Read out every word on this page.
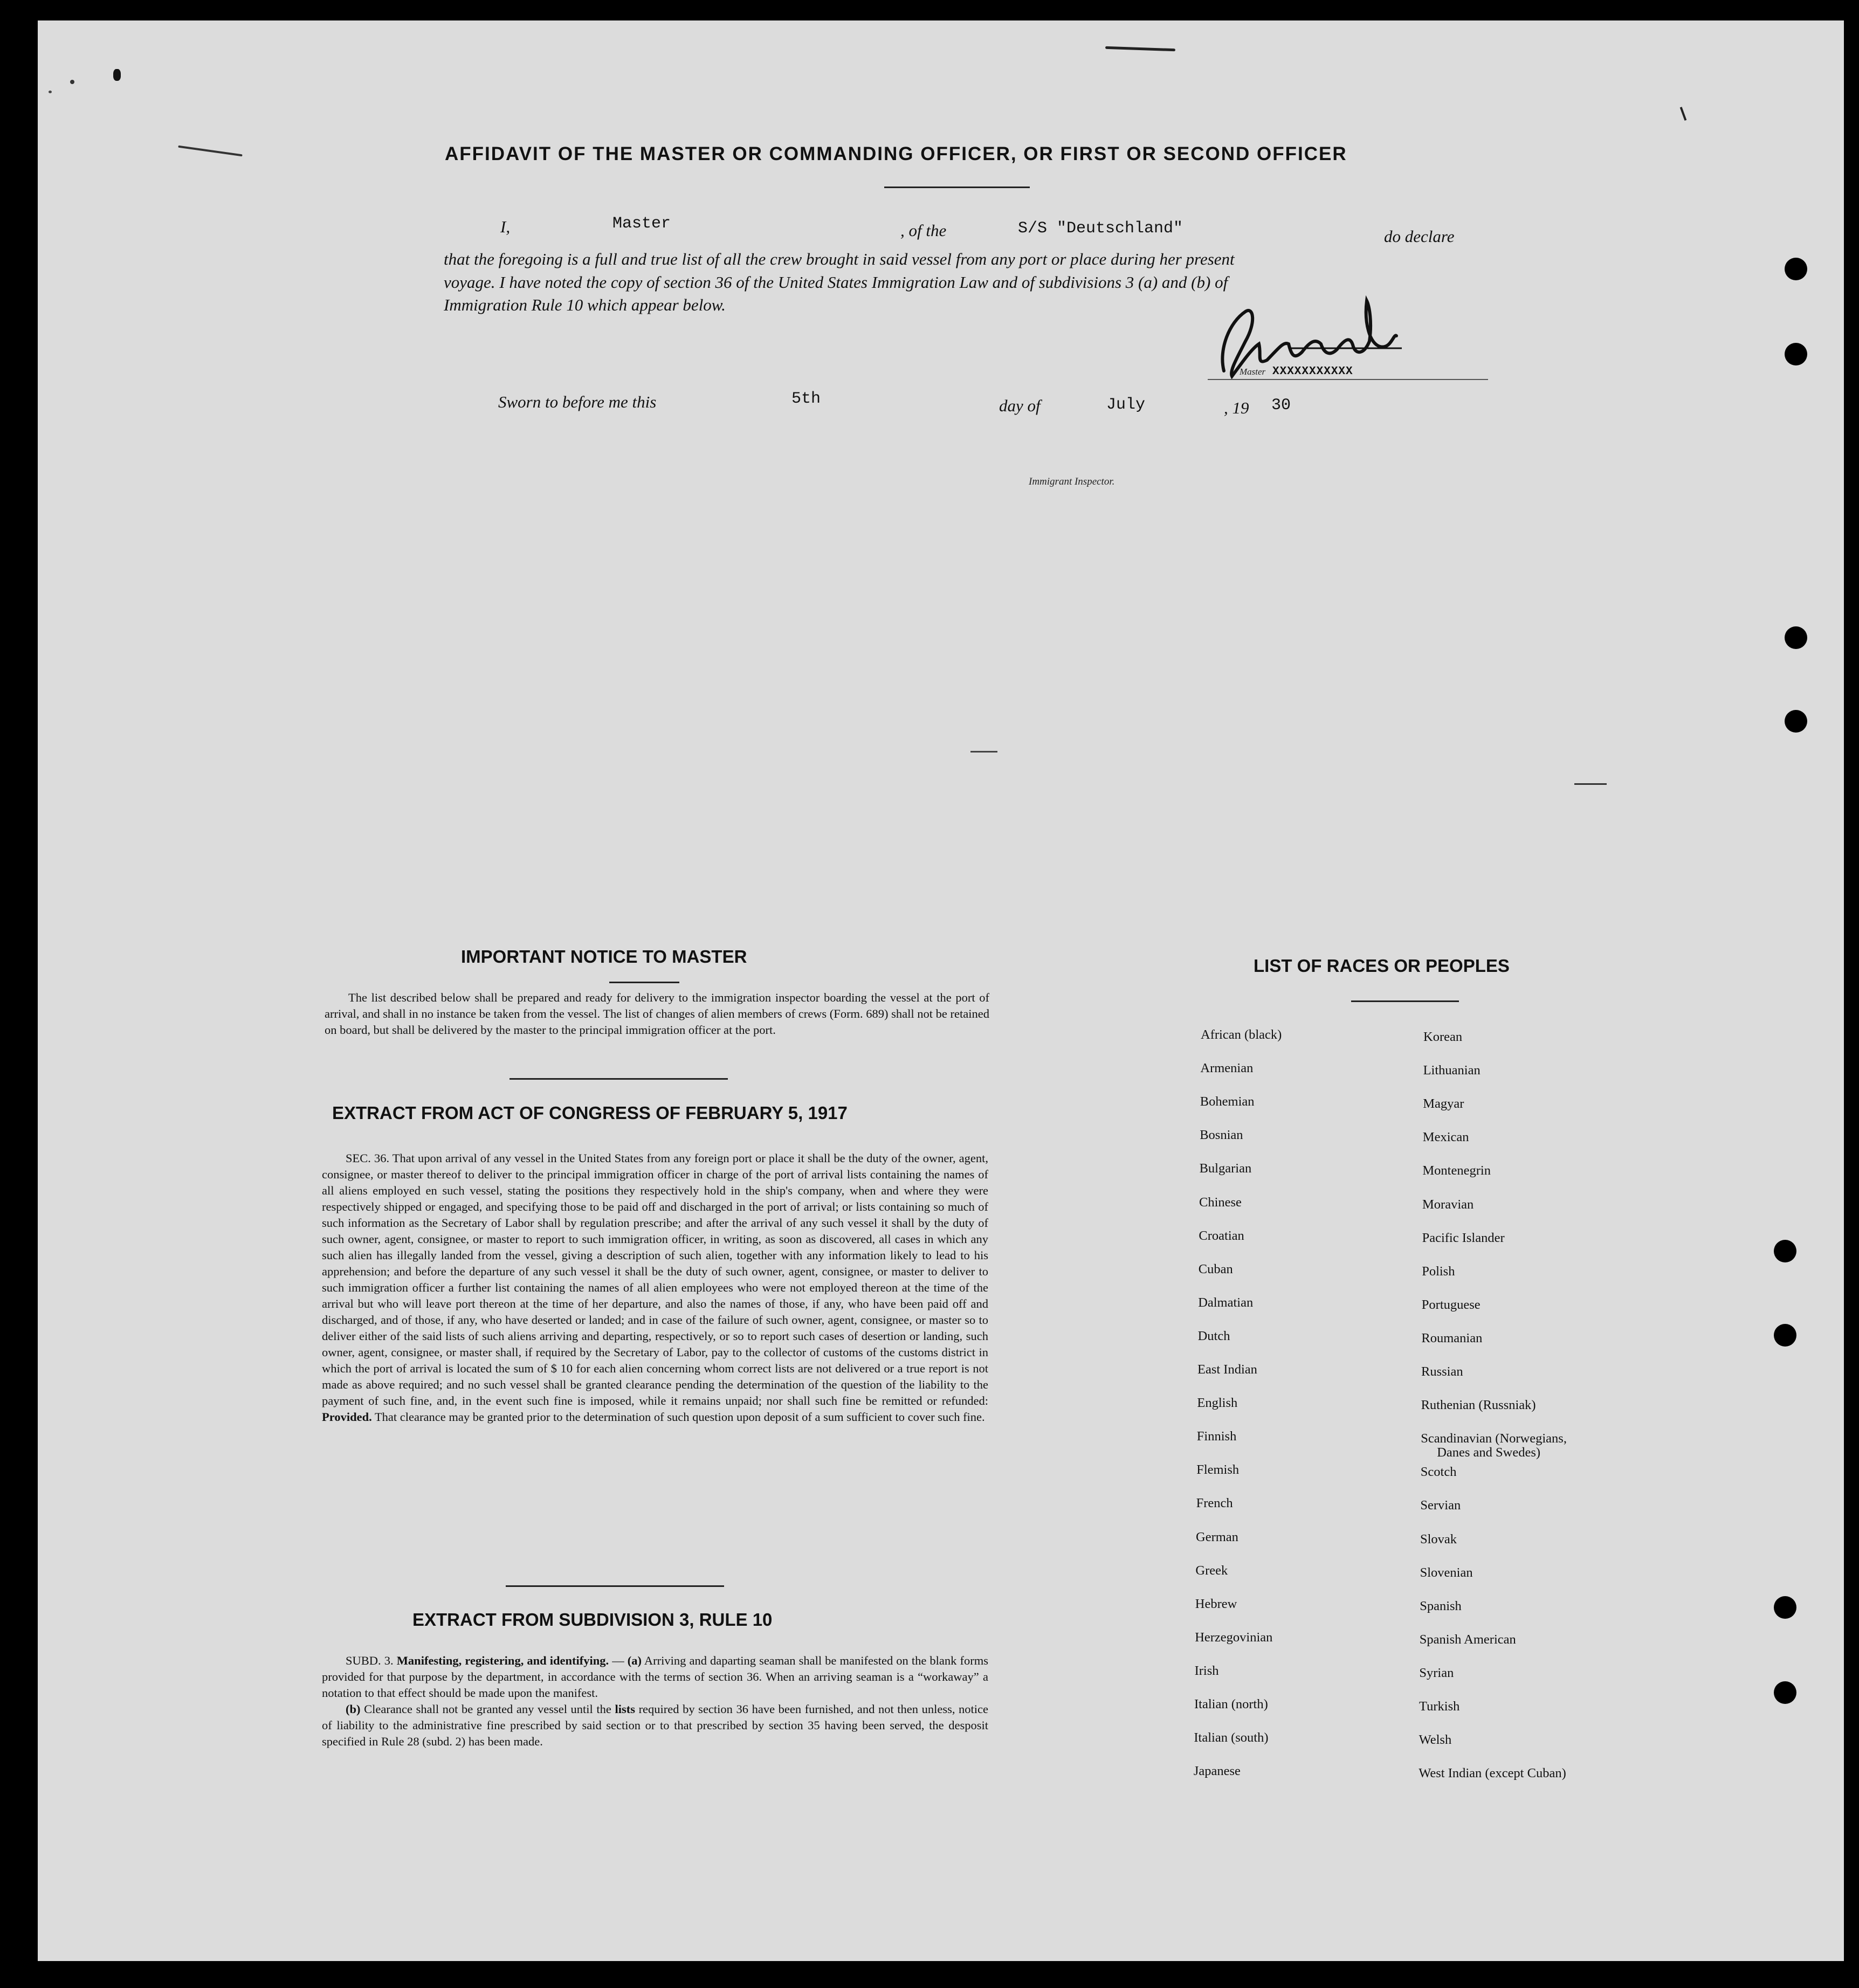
AFFIDAVIT OF THE MASTER OR COMMANDING OFFICER, OR FIRST OR SECOND OFFICER
I,	Master	, of the	S/S "Deutschland"	do declare
that the foregoing is a full and true list of all the crew brought in said vessel from any port or place during her present
voyage. I have noted the copy of section 36 of the United States Immigration Law and of subdivisions 3 (a) and (b) of
Immigration Rule 10 which appear below.
Master XXXXXXXXXXX
Sworn to before me this	5th	day of	July	, 19 30
Immigrant Inspector.
IMPORTANT NOTICE TO MASTER

The list described below shall be prepared and ready for delivery to the immigration inspector boarding the vessel at the port of arrival, and shall in no instance be taken from the vessel. The list of changes of alien members of crews (Form. 689) shall not be retained on board, but shall be delivered by the master to the principal immigration officer at the port.

EXTRACT FROM ACT OF CONGRESS OF FEBRUARY 5, 1917

SEC. 36. That upon arrival of any vessel in the United States from any foreign port or place it shall be the duty of the owner, agent, consignee, or master thereof to deliver to the principal immigration officer in charge of the port of arrival lists containing the names of all aliens employed en such vessel, stating the positions they respectively hold in the ship's company, when and where they were respectively shipped or engaged, and specifying those to be paid off and discharged in the port of arrival; or lists containing so much of such information as the Secretary of Labor shall by regulation prescribe; and after the arrival of any such vessel it shall by the duty of such owner, agent, consignee, or master to report to such immigration officer, in writing, as soon as discovered, all cases in which any such alien has illegally landed from the vessel, giving a description of such alien, together with any information likely to lead to his apprehension; and before the departure of any such vessel it shall be the duty of such owner, agent, consignee, or master to deliver to such immigration officer a further list containing the names of all alien employees who were not employed thereon at the time of the arrival but who will leave port thereon at the time of her departure, and also the names of those, if any, who have been paid off and discharged, and of those, if any, who have deserted or landed; and in case of the failure of such owner, agent, consignee, or master so to deliver either of the said lists of such aliens arriving and departing, respectively, or so to report such cases of desertion or landing, such owner, agent, consignee, or master shall, if required by the Secretary of Labor, pay to the collector of customs of the customs district in which the port of arrival is located the sum of $ 10 for each alien concerning whom correct lists are not delivered or a true report is not made as above required; and no such vessel shall be granted clearance pending the determination of the question of the liability to the payment of such fine, and, in the event such fine is imposed, while it remains unpaid; nor shall such fine be remitted or refunded: Provided. That clearance may be granted prior to the determination of such question upon deposit of a sum sufficient to cover such fine.

EXTRACT FROM SUBDIVISION 3, RULE 10

SUBD. 3. Manifesting, registering, and identifying. — (a) Arriving and daparting seaman shall be manifested on the blank forms provided for that purpose by the department, in accordance with the terms of section 36. When an arriving seaman is a “workaway” a notation to that effect should be made upon the manifest.

(b) Clearance shall not be granted any vessel until the lists required by section 36 have been furnished, and not then unless, notice of liability to the administrative fine prescribed by said section or to that prescribed by section 35 having been served, the desposit specified in Rule 28 (subd. 2) has been made.

LIST OF RACES OR PEOPLES
African (black)
Armenian
Bohemian
Bosnian
Bulgarian
Chinese
Croatian
Cuban
Dalmatian
Dutch
East Indian
English
Finnish
Flemish
French
German
Greek
Hebrew
Herzegovinian
Irish
Italian (north)
Italian (south)
Japanese
Korean
Lithuanian
Magyar
Mexican
Montenegrin
Moravian
Pacific Islander
Polish
Portuguese
Roumanian
Russian
Ruthenian (Russniak)
Scandinavian (Norwegians,
Danes and Swedes)
Scotch
Servian
Slovak
Slovenian
Spanish
Spanish American
Syrian
Turkish
Welsh
West Indian (except Cuban)
